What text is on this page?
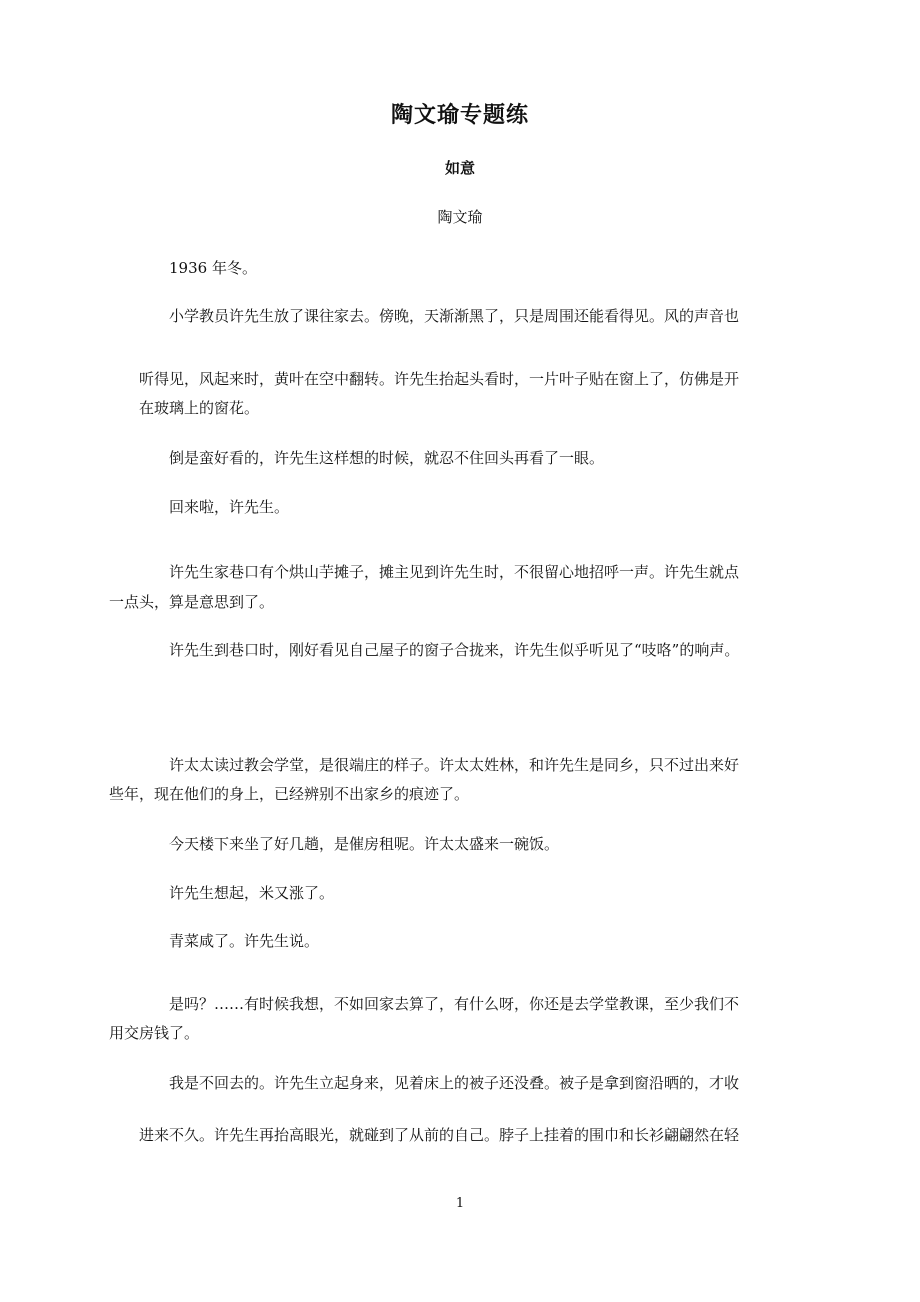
陶文瑜专题练
如意

陶文瑜

1936 年冬。

小学教员许先生放了课往家去。傍晚，天渐渐黑了，只是周围还能看得见。风的声音也

听得见，风起来时，黄叶在空中翻转。许先生抬起头看时，一片叶子贴在窗上了，仿佛是开
在玻璃上的窗花。

倒是蛮好看的，许先生这样想的时候，就忍不住回头再看了一眼。

回来啦，许先生。

许先生家巷口有个烘山芋摊子，摊主见到许先生时，不很留心地招呼一声。许先生就点
一点头，算是意思到了。

许先生到巷口时，刚好看见自己屋子的窗子合拢来，许先生似乎听见了“吱咯”的响声。

许太太读过教会学堂，是很端庄的样子。许太太姓林，和许先生是同乡，只不过出来好
些年，现在他们的身上，已经辨别不出家乡的痕迹了。

今天楼下来坐了好几趟，是催房租呢。许太太盛来一碗饭。

许先生想起，米又涨了。

青菜咸了。许先生说。

是吗？……有时候我想，不如回家去算了，有什么呀，你还是去学堂教课，至少我们不
用交房钱了。

我是不回去的。许先生立起身来，见着床上的被子还没叠。被子是拿到窗沿晒的，才收

进来不久。许先生再抬高眼光，就碰到了从前的自己。脖子上挂着的围巾和长衫翩翩然在轻

1
